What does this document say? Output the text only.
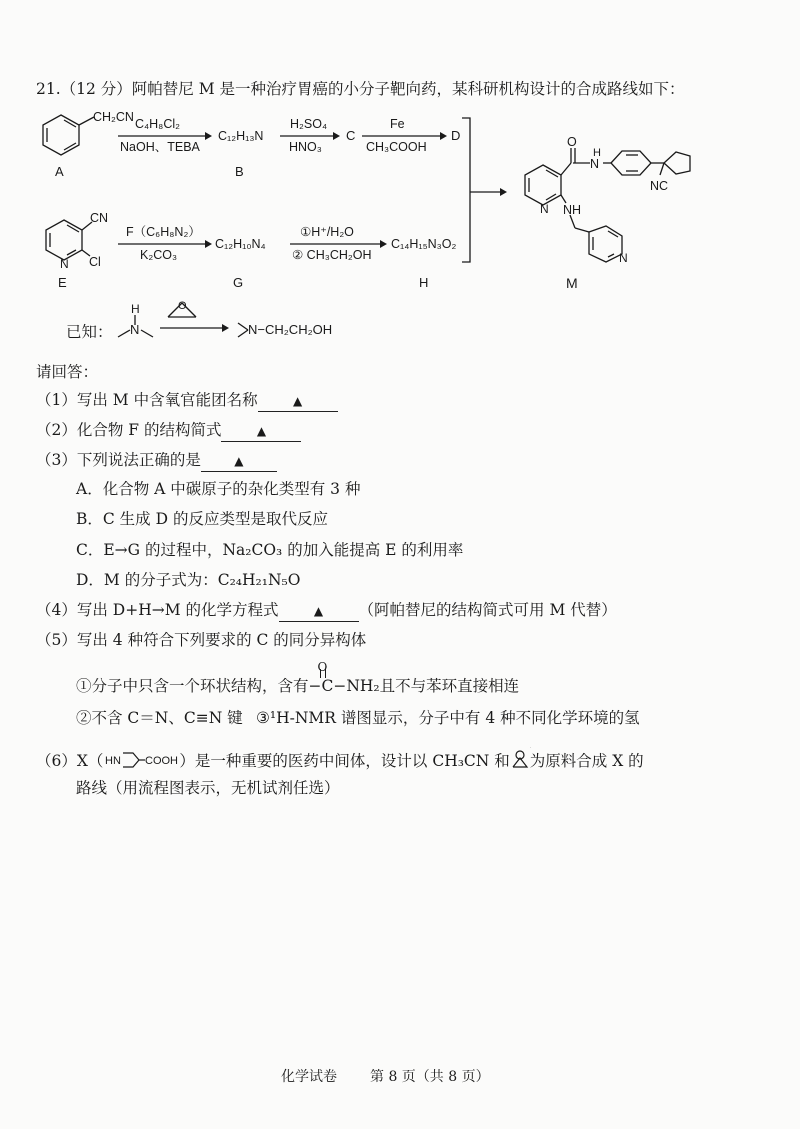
21.（12 分）阿帕替尼 M 是一种治疗胃癌的小分子靶向药，某科研机构设计的合成路线如下：
CH₂CN
A
C₄H₈Cl₂
NaOH、TEBA
C₁₂H₁₃N
B
H₂SO₄
HNO₃
C
Fe
CH₃COOH
D
CN
Cl
N
E
F（C₆H₈N₂）
K₂CO₃
C₁₂H₁₀N₄
G
①H⁺/H₂O
② CH₃CH₂OH
C₁₄H₁₅N₃O₂
H
O
N
H
N NH
NC
N
M
已知： N
H	O
N−CH₂CH₂OH
请回答：
（1）写出 M 中含氧官能团名称	▲
（2）化合物 F 的结构简式	▲
（3）下列说法正确的是	▲
A．化合物 A 中碳原子的杂化类型有 3 种
B．C 生成 D 的反应类型是取代反应
C．E→G 的过程中，Na₂CO₃ 的加入能提高 E 的利用率
D．M 的分子式为：C₂₄H₂₁N₅O
（4）写出 D+H→M 的化学方程式	▲ （阿帕替尼的结构简式可用 M 代替）
（5）写出 4 种符合下列要求的 C 的同分异构体
①分子中只含一个环状结构，含有
O
−C−NH₂且不与苯环直接相连
②不含 C＝N、C≡N 键 ③¹H-NMR 谱图显示，分子中有 4 种不同化学环境的氢
（6）X（ HN COOH ）是一种重要的医药中间体，设计以 CH₃CN 和
O
为原料合成 X 的
路线（用流程图表示，无机试剂任选）
化学试卷 第 8 页（共 8 页）
